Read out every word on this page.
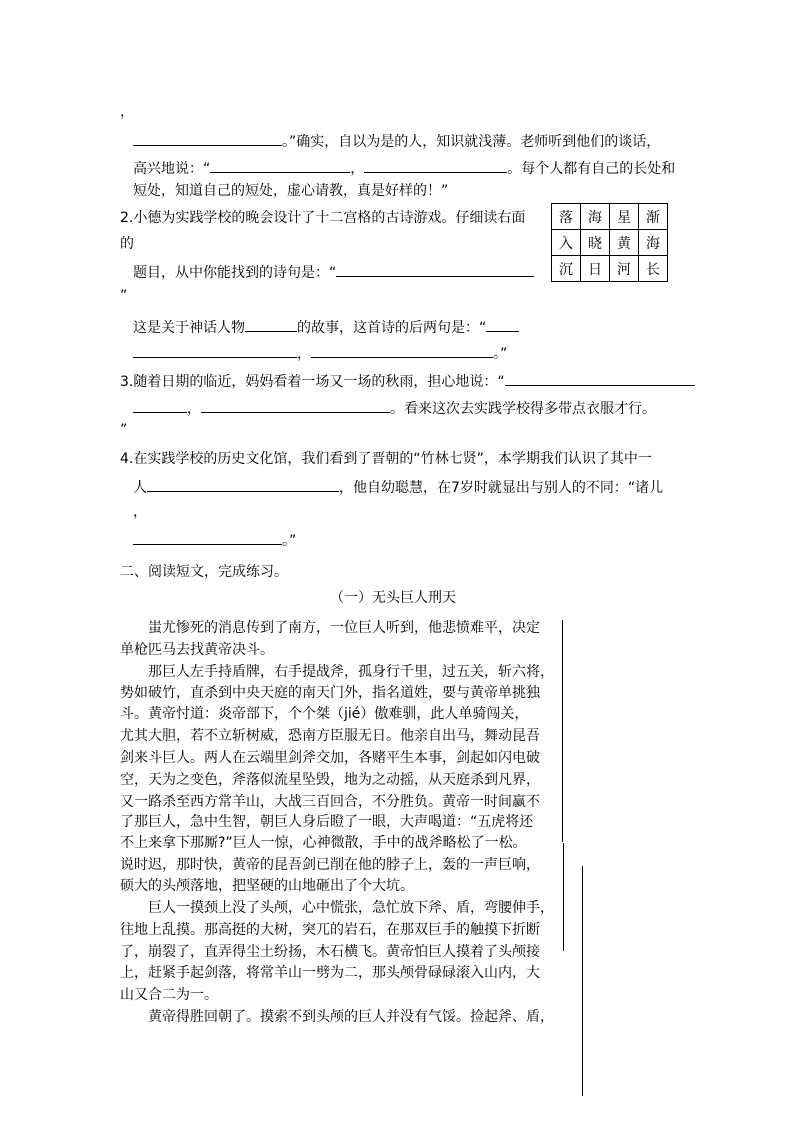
，
。”确实，自以为是的人，知识就浅薄。老师听到他们的谈话，
高兴地说：“	，	。每个人都有自己的长处和
短处，知道自己的短处，虚心请教，真是好样的！”
2.小德为实践学校的晚会设计了十二宫格的古诗游戏。仔细读右面
的
题目，从中你能找到的诗句是：“
”
这是关于神话人物	的故事，这首诗的后两句是：“
，	。”
落	海	星	渐
入	晓	黄	海
沉	日	河	长
3.随着日期的临近，妈妈看着一场又一场的秋雨，担心地说：“
，	。看来这次去实践学校得多带点衣服才行。
”
4.在实践学校的历史文化馆，我们看到了晋朝的“竹林七贤”，本学期我们认识了其中一
人	，他自幼聪慧，在7岁时就显出与别人的不同：“诸儿
，
。”
二、阅读短文，完成练习。
（一）无头巨人刑天
蚩尤惨死的消息传到了南方，一位巨人听到，他悲愤难平，决定
单枪匹马去找黄帝决斗。
那巨人左手持盾牌，右手提战斧，孤身行千里，过五关，斩六将，
势如破竹，直杀到中央天庭的南天门外，指名道姓，要与黄帝单挑独
斗。黄帝忖道：炎帝部下，个个桀（jié）傲难驯，此人单骑闯关，
尤其大胆，若不立斩树威，恐南方臣服无日。他亲自出马，舞动昆吾
剑来斗巨人。两人在云端里剑斧交加，各赌平生本事，剑起如闪电破
空，天为之变色，斧落似流星坠毁，地为之动摇，从天庭杀到凡界，
又一路杀至西方常羊山，大战三百回合，不分胜负。黄帝一时间赢不
了那巨人，急中生智，朝巨人身后瞪了一眼，大声喝道：“五虎将还
不上来拿下那厮?”巨人一惊，心神微散，手中的战斧略松了一松。
说时迟，那时快，黄帝的昆吾剑已削在他的脖子上，轰的一声巨响，
硕大的头颅落地，把坚硬的山地砸出了个大坑。
巨人一摸颈上没了头颅，心中慌张，急忙放下斧、盾，弯腰伸手，
往地上乱摸。那高挺的大树，突兀的岩石，在那双巨手的触摸下折断
了，崩裂了，直弄得尘土纷扬，木石横飞。黄帝怕巨人摸着了头颅接
上，赶紧手起剑落，将常羊山一劈为二，那头颅骨碌碌滚入山内，大
山又合二为一。
黄帝得胜回朝了。摸索不到头颅的巨人并没有气馁。捡起斧、盾，
